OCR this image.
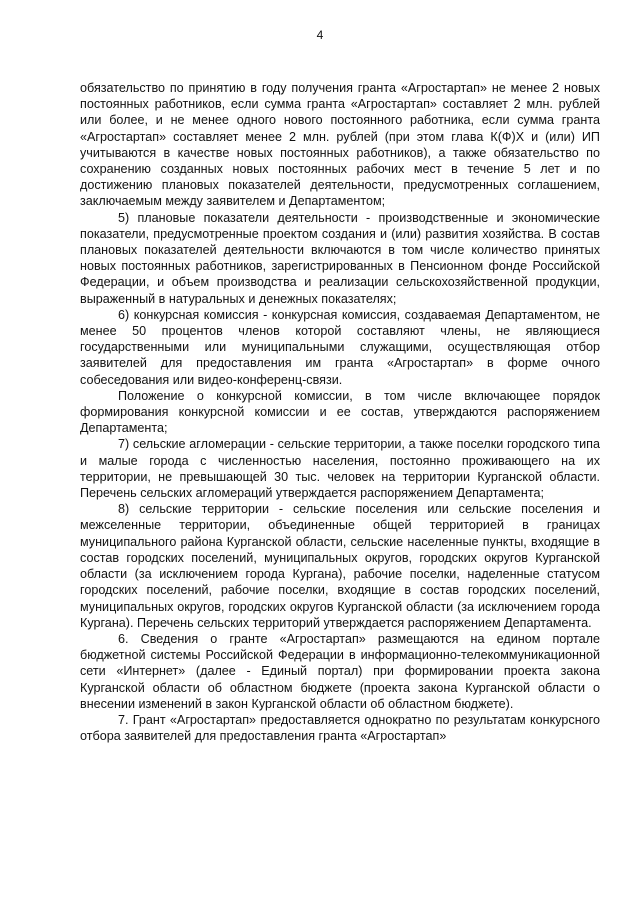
4

обязательство по принятию в году получения гранта «Агростартап» не менее 2 новых постоянных работников, если сумма гранта «Агростартап» составляет 2 млн. рублей или более, и не менее одного нового постоянного работника, если сумма гранта «Агростартап» составляет менее 2 млн. рублей (при этом глава К(Ф)Х и (или) ИП учитываются в качестве новых постоянных работников), а также обязательство по сохранению созданных новых постоянных рабочих мест в течение 5 лет и по достижению плановых показателей деятельности, предусмотренных соглашением, заключаемым между заявителем и Департаментом;

5) плановые показатели деятельности - производственные и экономические показатели, предусмотренные проектом создания и (или) развития хозяйства. В состав плановых показателей деятельности включаются в том числе количество принятых новых постоянных работников, зарегистрированных в Пенсионном фонде Российской Федерации, и объем производства и реализации сельскохозяйственной продукции, выраженный в натуральных и денежных показателях;

6) конкурсная комиссия - конкурсная комиссия, создаваемая Департаментом, не менее 50 процентов членов которой составляют члены, не являющиеся государственными или муниципальными служащими, осуществляющая отбор заявителей для предоставления им гранта «Агростартап» в форме очного собеседования или видео-конференц-связи.

Положение о конкурсной комиссии, в том числе включающее порядок формирования конкурсной комиссии и ее состав, утверждаются распоряжением Департамента;

7) сельские агломерации - сельские территории, а также поселки городского типа и малые города с численностью населения, постоянно проживающего на их территории, не превышающей 30 тыс. человек на территории Курганской области. Перечень сельских агломераций утверждается распоряжением Департамента;

8) сельские территории - сельские поселения или сельские поселения и межселенные территории, объединенные общей территорией в границах муниципального района Курганской области, сельские населенные пункты, входящие в состав городских поселений, муниципальных округов, городских округов Курганской области (за исключением города Кургана), рабочие поселки, наделенные статусом городских поселений, рабочие поселки, входящие в состав городских поселений, муниципальных округов, городских округов Курганской области (за исключением города Кургана). Перечень сельских территорий утверждается распоряжением Департамента.

6. Сведения о гранте «Агростартап» размещаются на едином портале бюджетной системы Российской Федерации в информационно-телекоммуникационной сети «Интернет» (далее - Единый портал) при формировании проекта закона Курганской области об областном бюджете (проекта закона Курганской области о внесении изменений в закон Курганской области об областном бюджете).

7. Грант «Агростартап» предоставляется однократно по результатам конкурсного отбора заявителей для предоставления гранта «Агростартап»
